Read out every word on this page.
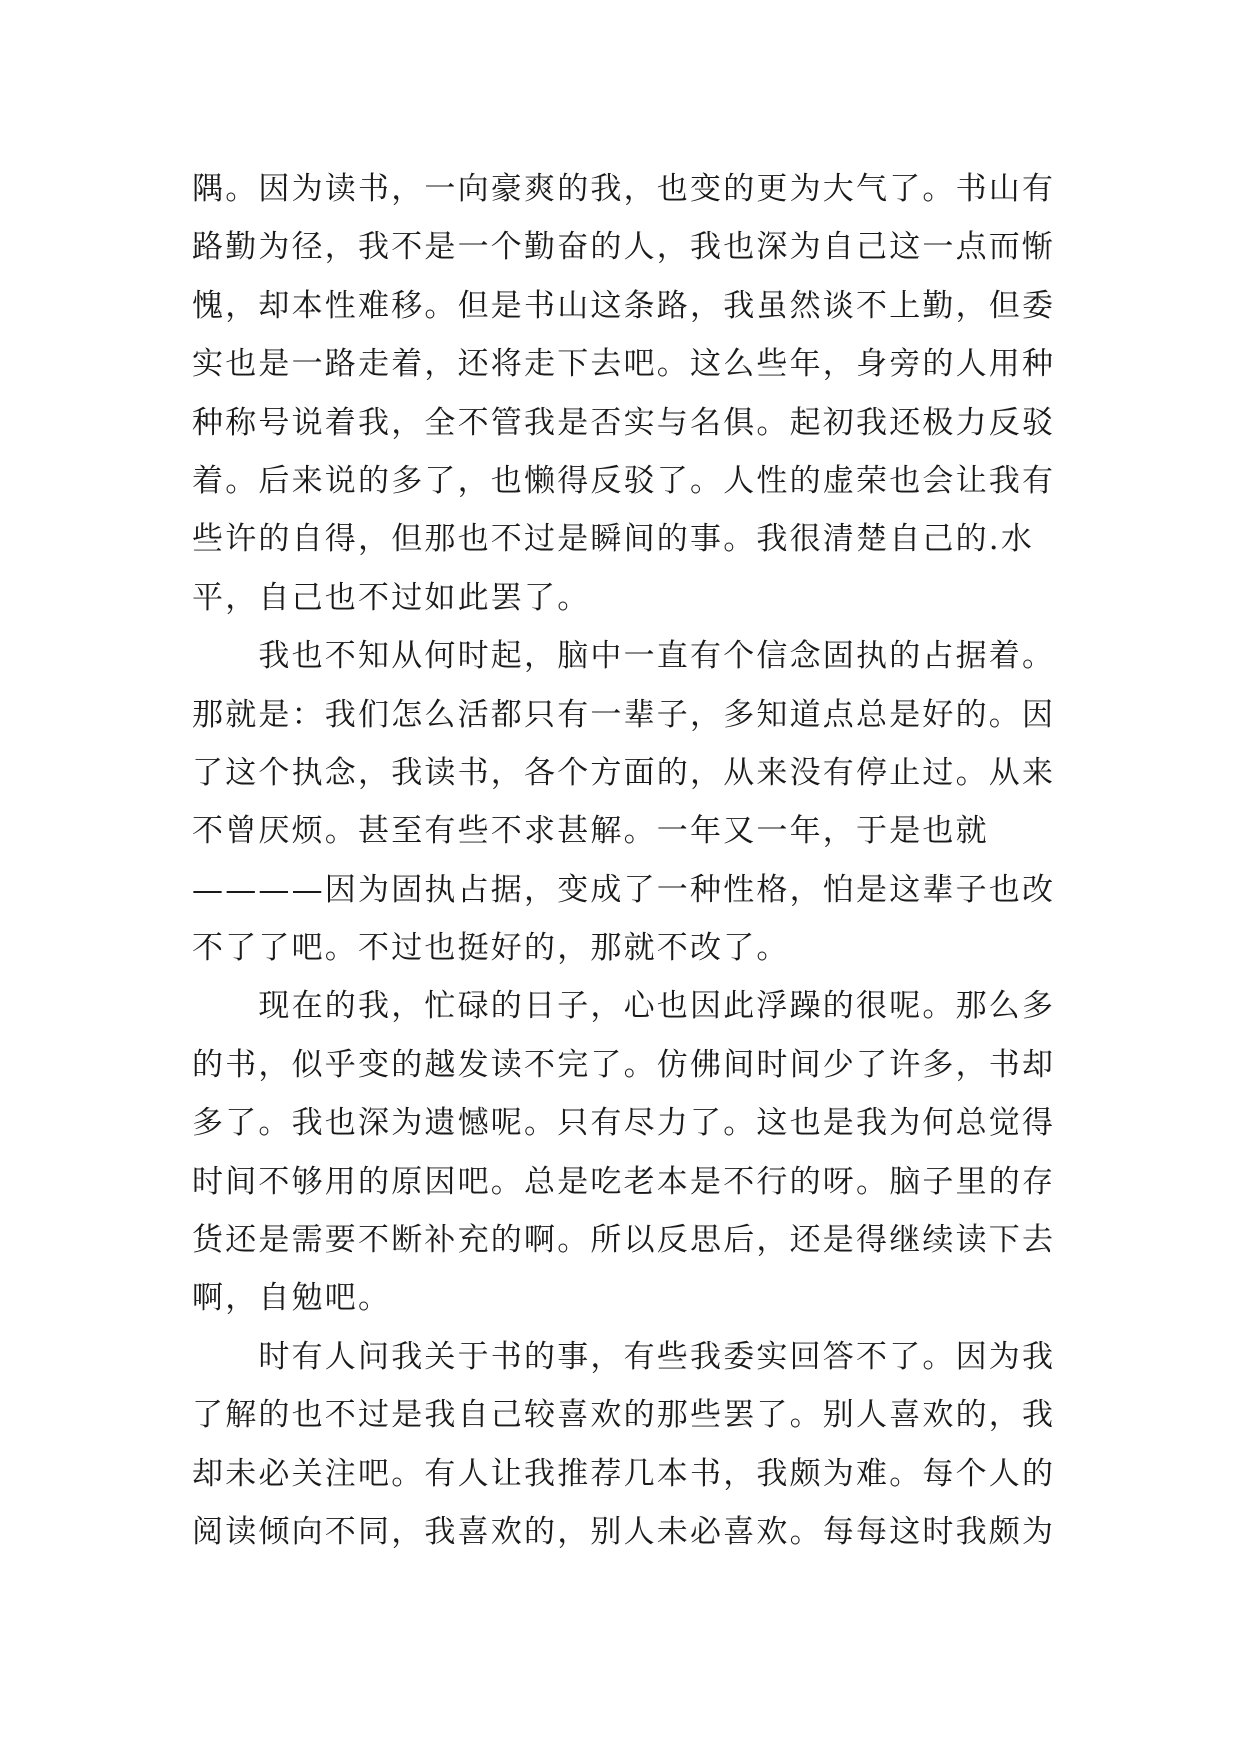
隅。因为读书，一向豪爽的我，也变的更为大气了。书山有
路勤为径，我不是一个勤奋的人，我也深为自己这一点而惭
愧，却本性难移。但是书山这条路，我虽然谈不上勤，但委
实也是一路走着，还将走下去吧。这么些年，身旁的人用种
种称号说着我，全不管我是否实与名俱。起初我还极力反驳
着。后来说的多了，也懒得反驳了。人性的虚荣也会让我有
些许的自得，但那也不过是瞬间的事。我很清楚自己的.水
平，自己也不过如此罢了。
　　我也不知从何时起，脑中一直有个信念固执的占据着。
那就是：我们怎么活都只有一辈子，多知道点总是好的。因
了这个执念，我读书，各个方面的，从来没有停止过。从来
不曾厌烦。甚至有些不求甚解。一年又一年，于是也就
————因为固执占据，变成了一种性格，怕是这辈子也改
不了了吧。不过也挺好的，那就不改了。
　　现在的我，忙碌的日子，心也因此浮躁的很呢。那么多
的书，似乎变的越发读不完了。仿佛间时间少了许多，书却
多了。我也深为遗憾呢。只有尽力了。这也是我为何总觉得
时间不够用的原因吧。总是吃老本是不行的呀。脑子里的存
货还是需要不断补充的啊。所以反思后，还是得继续读下去
啊，自勉吧。
　　时有人问我关于书的事，有些我委实回答不了。因为我
了解的也不过是我自己较喜欢的那些罢了。别人喜欢的，我
却未必关注吧。有人让我推荐几本书，我颇为难。每个人的
阅读倾向不同，我喜欢的，别人未必喜欢。每每这时我颇为
